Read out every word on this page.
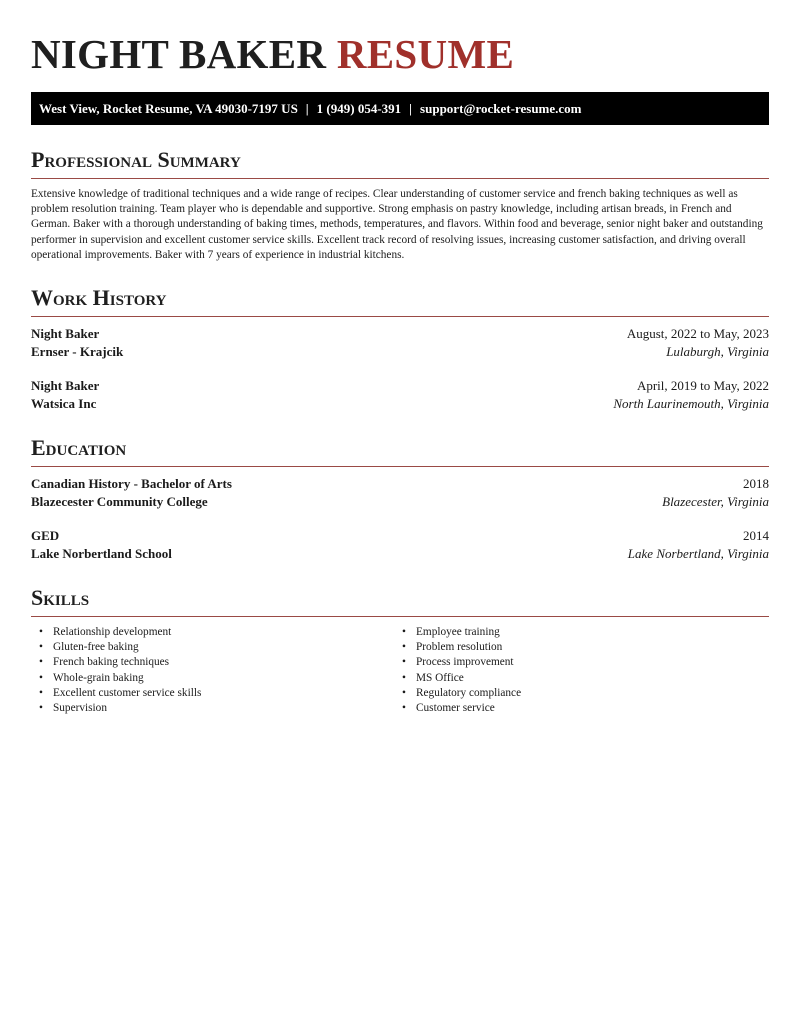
NIGHT BAKER RESUME
West View, Rocket Resume, VA 49030-7197 US | 1 (949) 054-391 | support@rocket-resume.com
Professional Summary

Extensive knowledge of traditional techniques and a wide range of recipes. Clear understanding of customer service and french baking techniques as well as problem resolution training. Team player who is dependable and supportive. Strong emphasis on pastry knowledge, including artisan breads, in French and German. Baker with a thorough understanding of baking times, methods, temperatures, and flavors. Within food and beverage, senior night baker and outstanding performer in supervision and excellent customer service skills. Excellent track record of resolving issues, increasing customer satisfaction, and driving overall operational improvements. Baker with 7 years of experience in industrial kitchens.

Work History
Night Baker	August, 2022 to May, 2023
Ernser - Krajcik	Lulaburgh, Virginia
Night Baker	April, 2019 to May, 2022
Watsica Inc	North Laurinemouth, Virginia
Education
Canadian History - Bachelor of Arts	2018
Blazecester Community College	Blazecester, Virginia
GED	2014
Lake Norbertland School	Lake Norbertland, Virginia
Skills
• Relationship development
• Gluten-free baking
• French baking techniques
• Whole-grain baking
• Excellent customer service skills
• Supervision
• Employee training
• Problem resolution
• Process improvement
• MS Office
• Regulatory compliance
• Customer service
